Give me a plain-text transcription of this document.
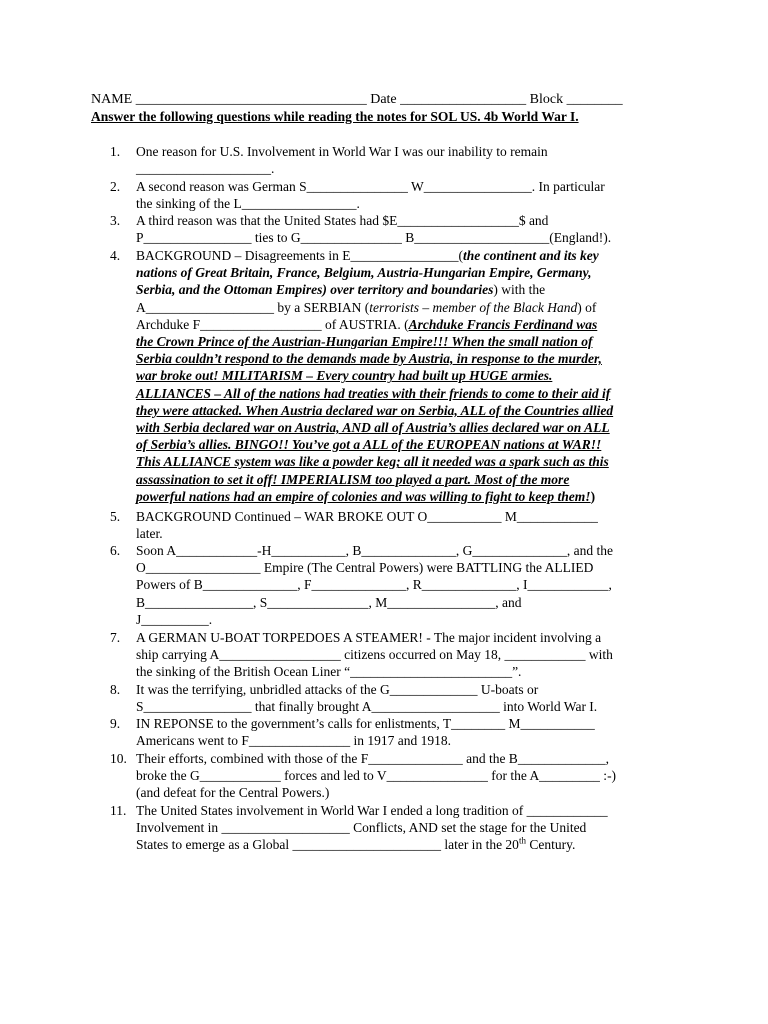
NAME _________________________________ Date __________________ Block ________
Answer the following questions while reading the notes for SOL US. 4b World War I.
1.	One reason for U.S. Involvement in World War I was our inability to remain
____________________.
2.	A second reason was German S_______________ W________________. In particular
the sinking of the L_________________.
3.	A third reason was that the United States had $E__________________$ and
P________________ ties to G_______________ B____________________(England!).
4.	BACKGROUND – Disagreements in E________________(the continent and its key
nations of Great Britain, France, Belgium, Austria-Hungarian Empire, Germany,
Serbia, and the Ottoman Empires) over territory and boundaries) with the
A___________________ by a SERBIAN (terrorists – member of the Black Hand) of
Archduke F__________________ of AUSTRIA. (Archduke Francis Ferdinand was
the Crown Prince of the Austrian-Hungarian Empire!!! When the small nation of
Serbia couldn’t respond to the demands made by Austria, in response to the murder,
war broke out! MILITARISM – Every country had built up HUGE armies.
ALLIANCES – All of the nations had treaties with their friends to come to their aid if
they were attacked. When Austria declared war on Serbia, ALL of the Countries allied
with Serbia declared war on Austria, AND all of Austria’s allies declared war on ALL
of Serbia’s allies. BINGO!! You’ve got a ALL of the EUROPEAN nations at WAR!!
This ALLIANCE system was like a powder keg; all it needed was a spark such as this
assassination to set it off! IMPERIALISM too played a part. Most of the more
powerful nations had an empire of colonies and was willing to fight to keep them!)
5.	BACKGROUND Continued – WAR BROKE OUT O___________ M____________
later.
6.	Soon A____________-H___________, B______________, G______________, and the
O_________________ Empire (The Central Powers) were BATTLING the ALLIED
Powers of B______________, F______________, R______________, I____________,
B________________, S_______________, M________________, and
J__________.
7.	A GERMAN U-BOAT TORPEDOES A STEAMER! - The major incident involving a
ship carrying A__________________ citizens occurred on May 18, ____________ with
the sinking of the British Ocean Liner “________________________”.
8.	It was the terrifying, unbridled attacks of the G_____________ U-boats or
S________________ that finally brought A___________________ into World War I.
9.	IN REPONSE to the government’s calls for enlistments, T________ M___________
Americans went to F_______________ in 1917 and 1918.
10. Their efforts, combined with those of the F______________ and the B_____________,
broke the G____________ forces and led to V_______________ for the A_________ :-)
(and defeat for the Central Powers.)
11. The United States involvement in World War I ended a long tradition of ____________
Involvement in ___________________ Conflicts, AND set the stage for the United
States to emerge as a Global ______________________ later in the 20th Century.
